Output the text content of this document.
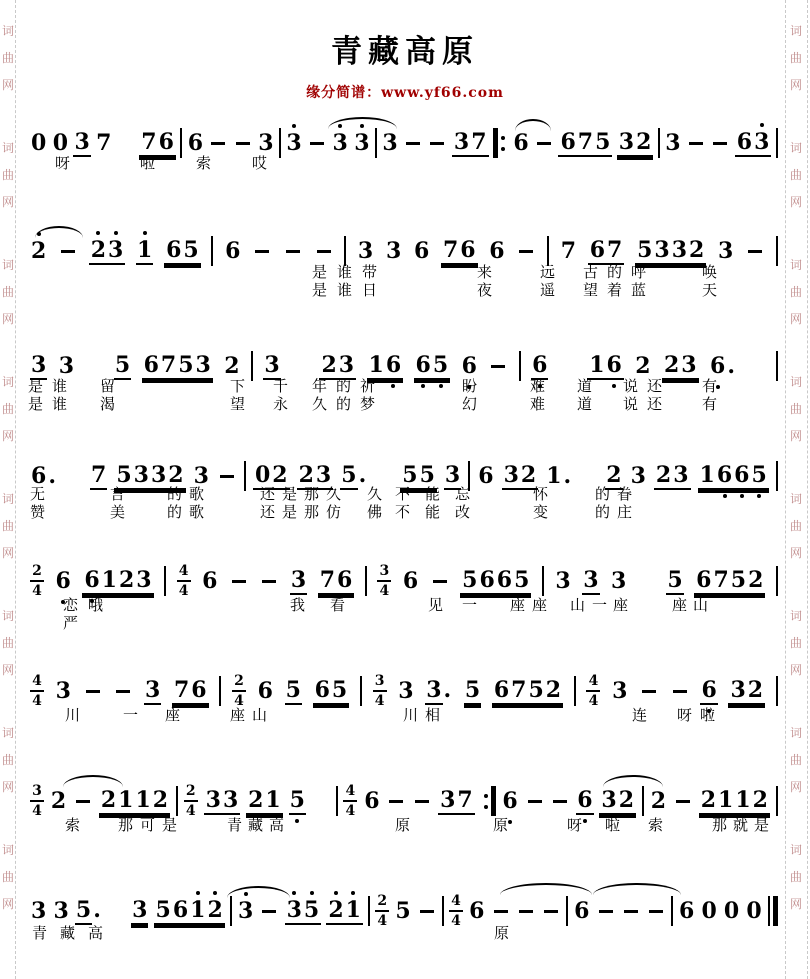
词
曲
网
词
曲
网
词
曲
网
词
曲
网
词
曲
网
词
曲
网
词
曲
网
词
曲
网
词
曲
网
词
曲
网
词
曲
网
词
曲
网
词
曲
网
词
曲
网
词
曲
网
词
曲
网
青藏高原
缘分简谱：www.yf66.com
0 0 3 7 7 6 6	3 3 3 3 3	3 7 6 6 7 5 3 2 3	6 3
呀	啦	索	哎
2 2 3 1 6 5 6	3 3 6 7 6 6	7 6 7 5 3 3 2 3
是 谁 带	来	远 古 的 呼	唤
是 谁 日	夜	遥 望 着 蓝	天
3 3 5 6 7 5 3 2 3 2 3 1 6 6 5 6	6 1 6 2 2 3 6 .
是 谁 留	下 千 年 的 祈	盼	难 道 说 还	有
是 谁 渴	望 永 久 的 梦	幻	难 道 说 还	有
6 . 7 5 3 3 2 3 0 2 2 3 5 . 5 5 3 6 3 2 1 . 2 3 2 3 1 6 6 5
无	言	的 歌	还 是 那 久 久 不 能 忘	怀	的 眷
赞	美	的 歌	还 是 那 仿 佛 不 能 改	变	的 庄
2
4 6 6 1 2 3 4
4 6	3 7 6 3
4 6 5 6 6 5 3 3 3 5 6 7 5 2
恋 哦	我 看	见 一 座 座 山 一 座	座 山
严
4
4 3	3 7 6 2
4 6 5 6 5 3
4 3 3 . 5 6 7 5 2 4
4 3	6 3 2
川	一 座	座 山	川 相	连 呀 啦
3
4 2 2 1 1 2 2
4 3 3 2 1 5	4
4 6	3 7 6	6 3 2 2 2 1 1 2
索	那 可 是	青 藏 高	原	原	呀 啦 索	那 就 是
3 3 5 . 3 5 6 1 2 3 3 5 2 1 2
4 5	4
4 6	6	6 0 0 0
青 藏 高	原
